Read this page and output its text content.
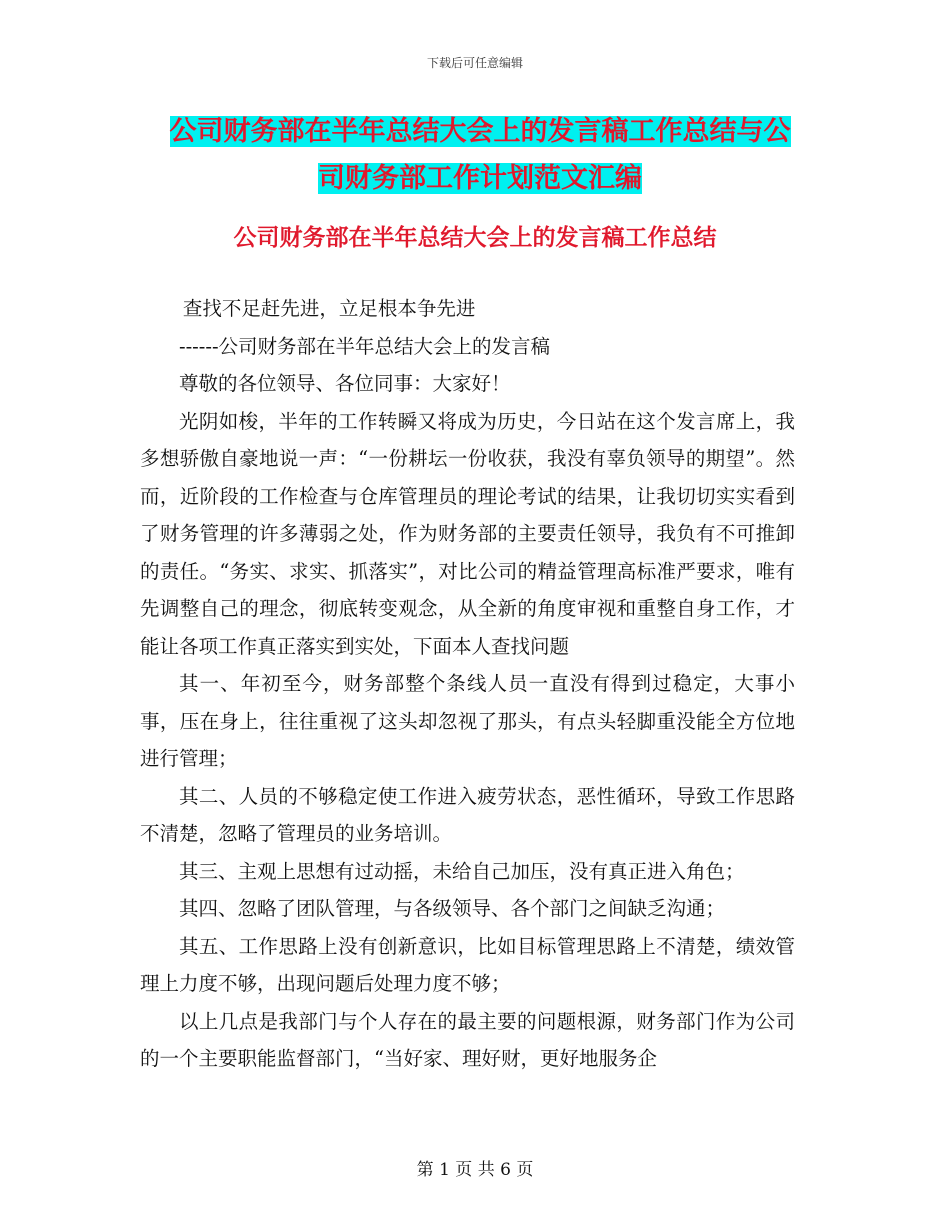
下载后可任意编辑
公司财务部在半年总结大会上的发言稿工作总结与公
司财务部工作计划范文汇编
公司财务部在半年总结大会上的发言稿工作总结

查找不足赶先进，立足根本争先进

------公司财务部在半年总结大会上的发言稿

尊敬的各位领导、各位同事：大家好！

光阴如梭，半年的工作转瞬又将成为历史，今日站在这个发言席上，我多想骄傲自豪地说一声：“一份耕坛一份收获，我没有辜负领导的期望”。然而，近阶段的工作检查与仓库管理员的理论考试的结果，让我切切实实看到了财务管理的许多薄弱之处，作为财务部的主要责任领导，我负有不可推卸的责任。“务实、求实、抓落实”，对比公司的精益管理高标准严要求，唯有先调整自己的理念，彻底转变观念，从全新的角度审视和重整自身工作，才能让各项工作真正落实到实处，下面本人查找问题

其一、年初至今，财务部整个条线人员一直没有得到过稳定，大事小事，压在身上，往往重视了这头却忽视了那头，有点头轻脚重没能全方位地进行管理；

其二、人员的不够稳定使工作进入疲劳状态，恶性循环，导致工作思路不清楚，忽略了管理员的业务培训。

其三、主观上思想有过动摇，未给自己加压，没有真正进入角色；

其四、忽略了团队管理，与各级领导、各个部门之间缺乏沟通；

其五、工作思路上没有创新意识，比如目标管理思路上不清楚，绩效管理上力度不够，出现问题后处理力度不够；

以上几点是我部门与个人存在的最主要的问题根源，财务部门作为公司的一个主要职能监督部门，“当好家、理好财，更好地服务企

第 1 页 共 6 页
